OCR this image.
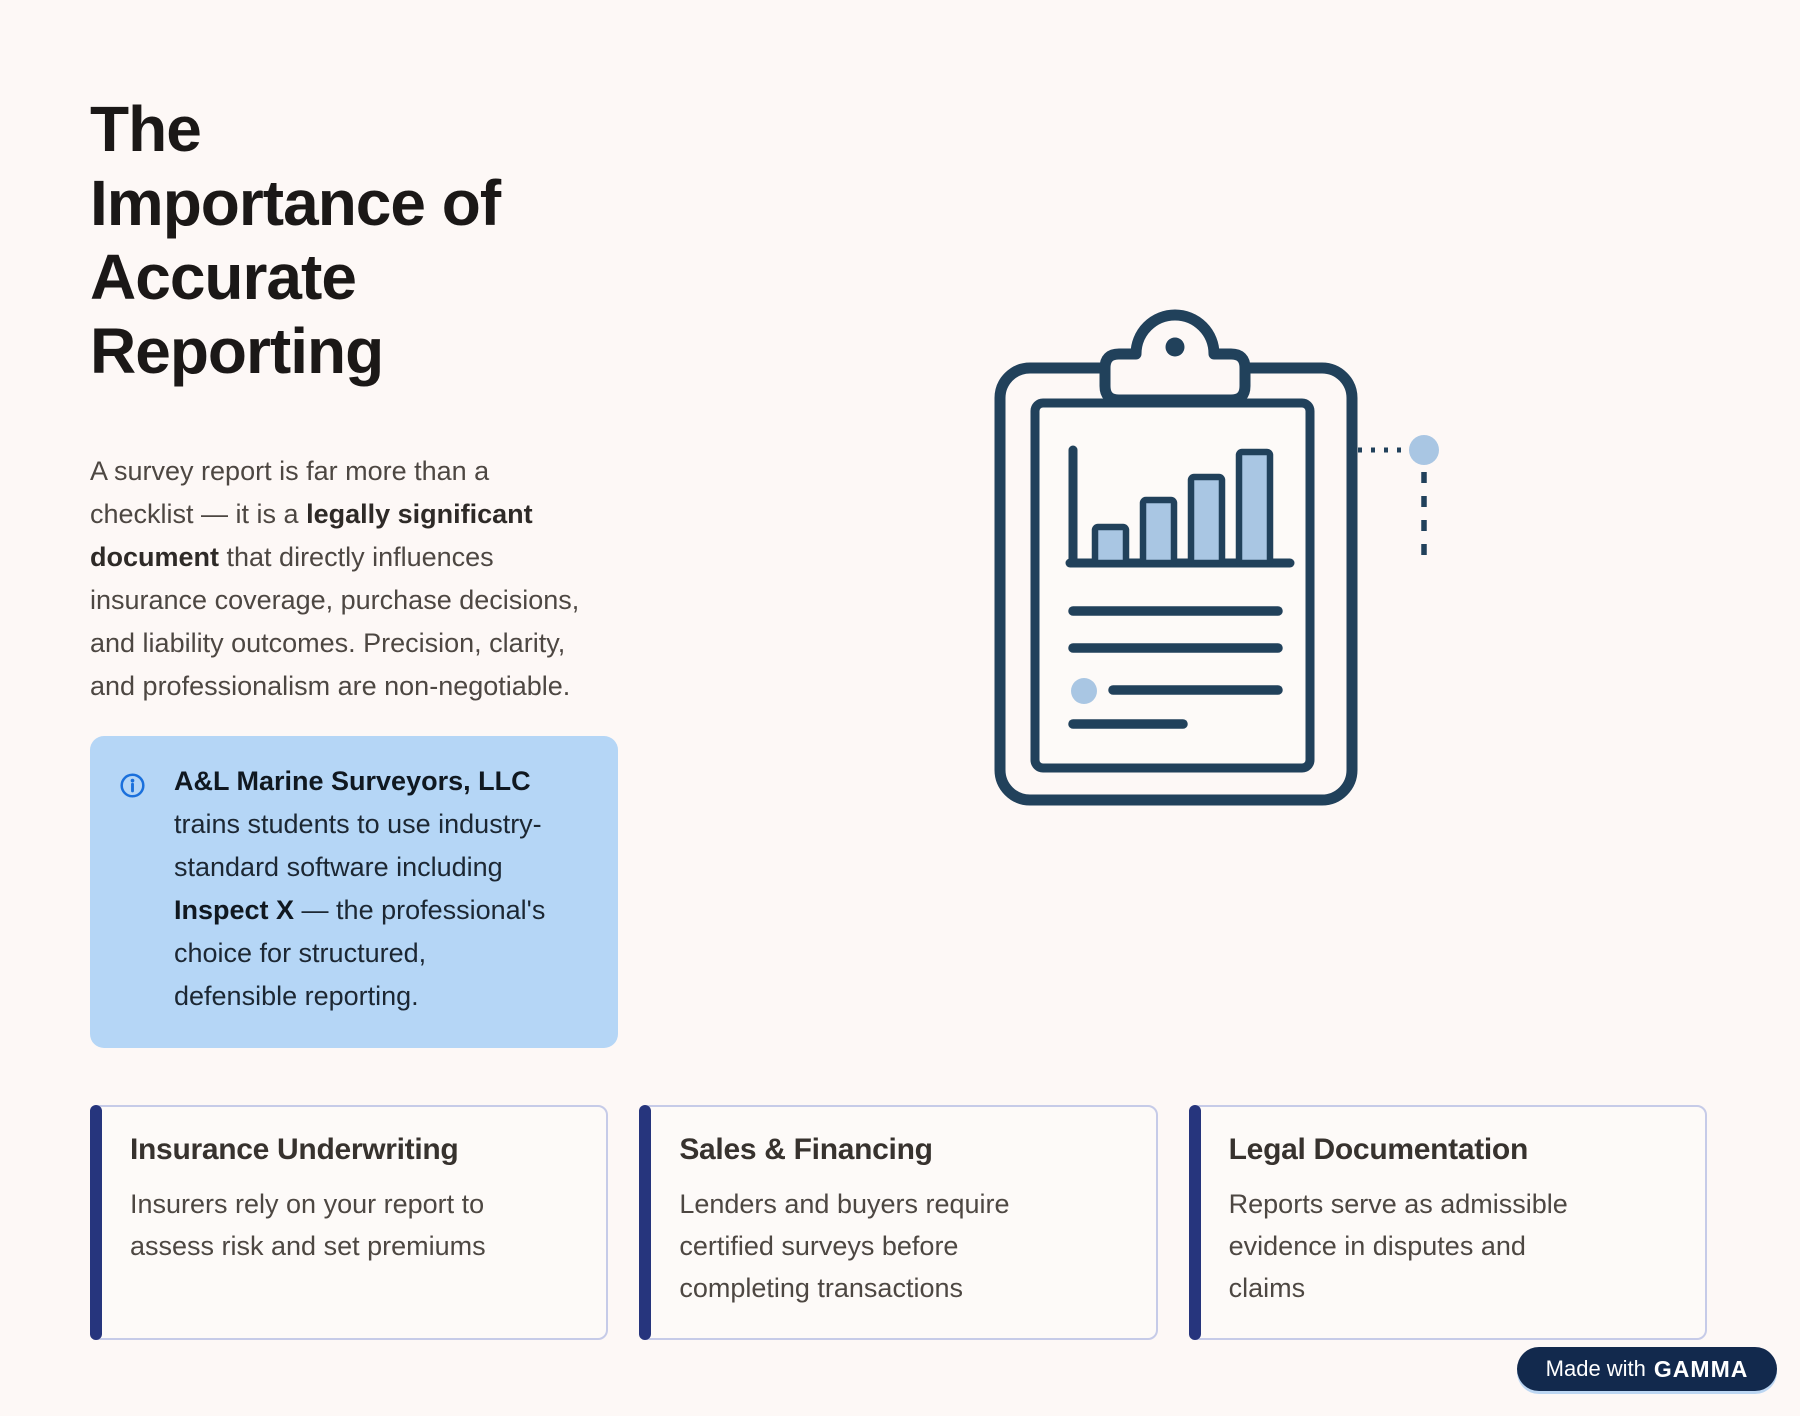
The
Importance of
Accurate
Reporting

A survey report is far more than a checklist — it is a legally significant document that directly influences insurance coverage, purchase decisions, and liability outcomes. Precision, clarity, and professionalism are non-negotiable.

A&L Marine Surveyors, LLC trains students to use industry-standard software including Inspect X — the professional's choice for structured, defensible reporting.

Insurance Underwriting

Insurers rely on your report to assess risk and set premiums

Sales & Financing

Lenders and buyers require certified surveys before completing transactions

Legal Documentation

Reports serve as admissible evidence in disputes and claims

Made with GAMMA
